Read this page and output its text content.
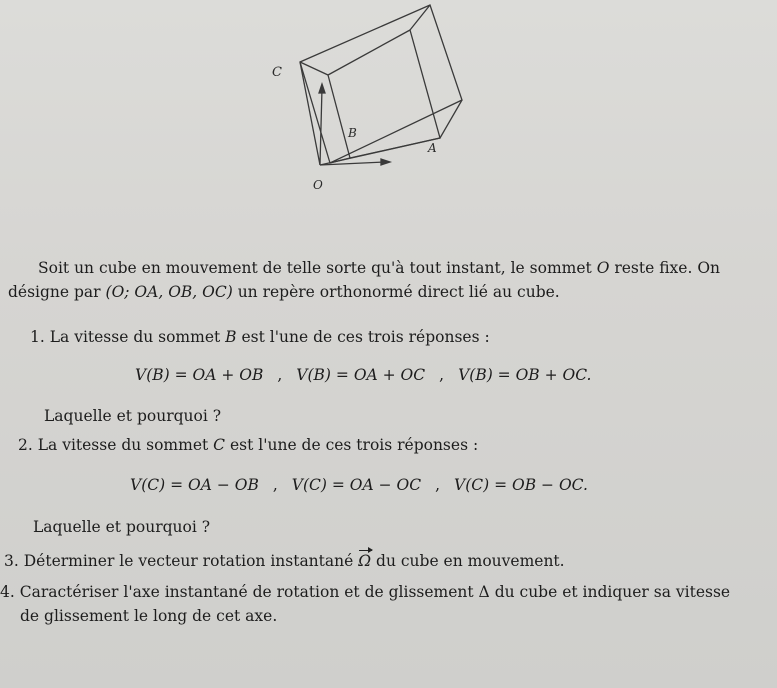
C
B
A
O
Soit un cube en mouvement de telle sorte qu'à tout instant, le sommet O reste fixe. On
désigne par (O; OA, OB, OC) un repère orthonormé direct lié au cube.
1. La vitesse du sommet B est l'une de ces trois réponses :
V(B) = OA + OB , V(B) = OA + OC , V(B) = OB + OC.
Laquelle et pourquoi ?
2. La vitesse du sommet C est l'une de ces trois réponses :
V(C) = OA − OB , V(C) = OA − OC , V(C) = OB − OC.
Laquelle et pourquoi ?
3. Déterminer le vecteur rotation instantané Ω du cube en mouvement.
4. Caractériser l'axe instantané de rotation et de glissement Δ du cube et indiquer sa vitesse
de glissement le long de cet axe.
